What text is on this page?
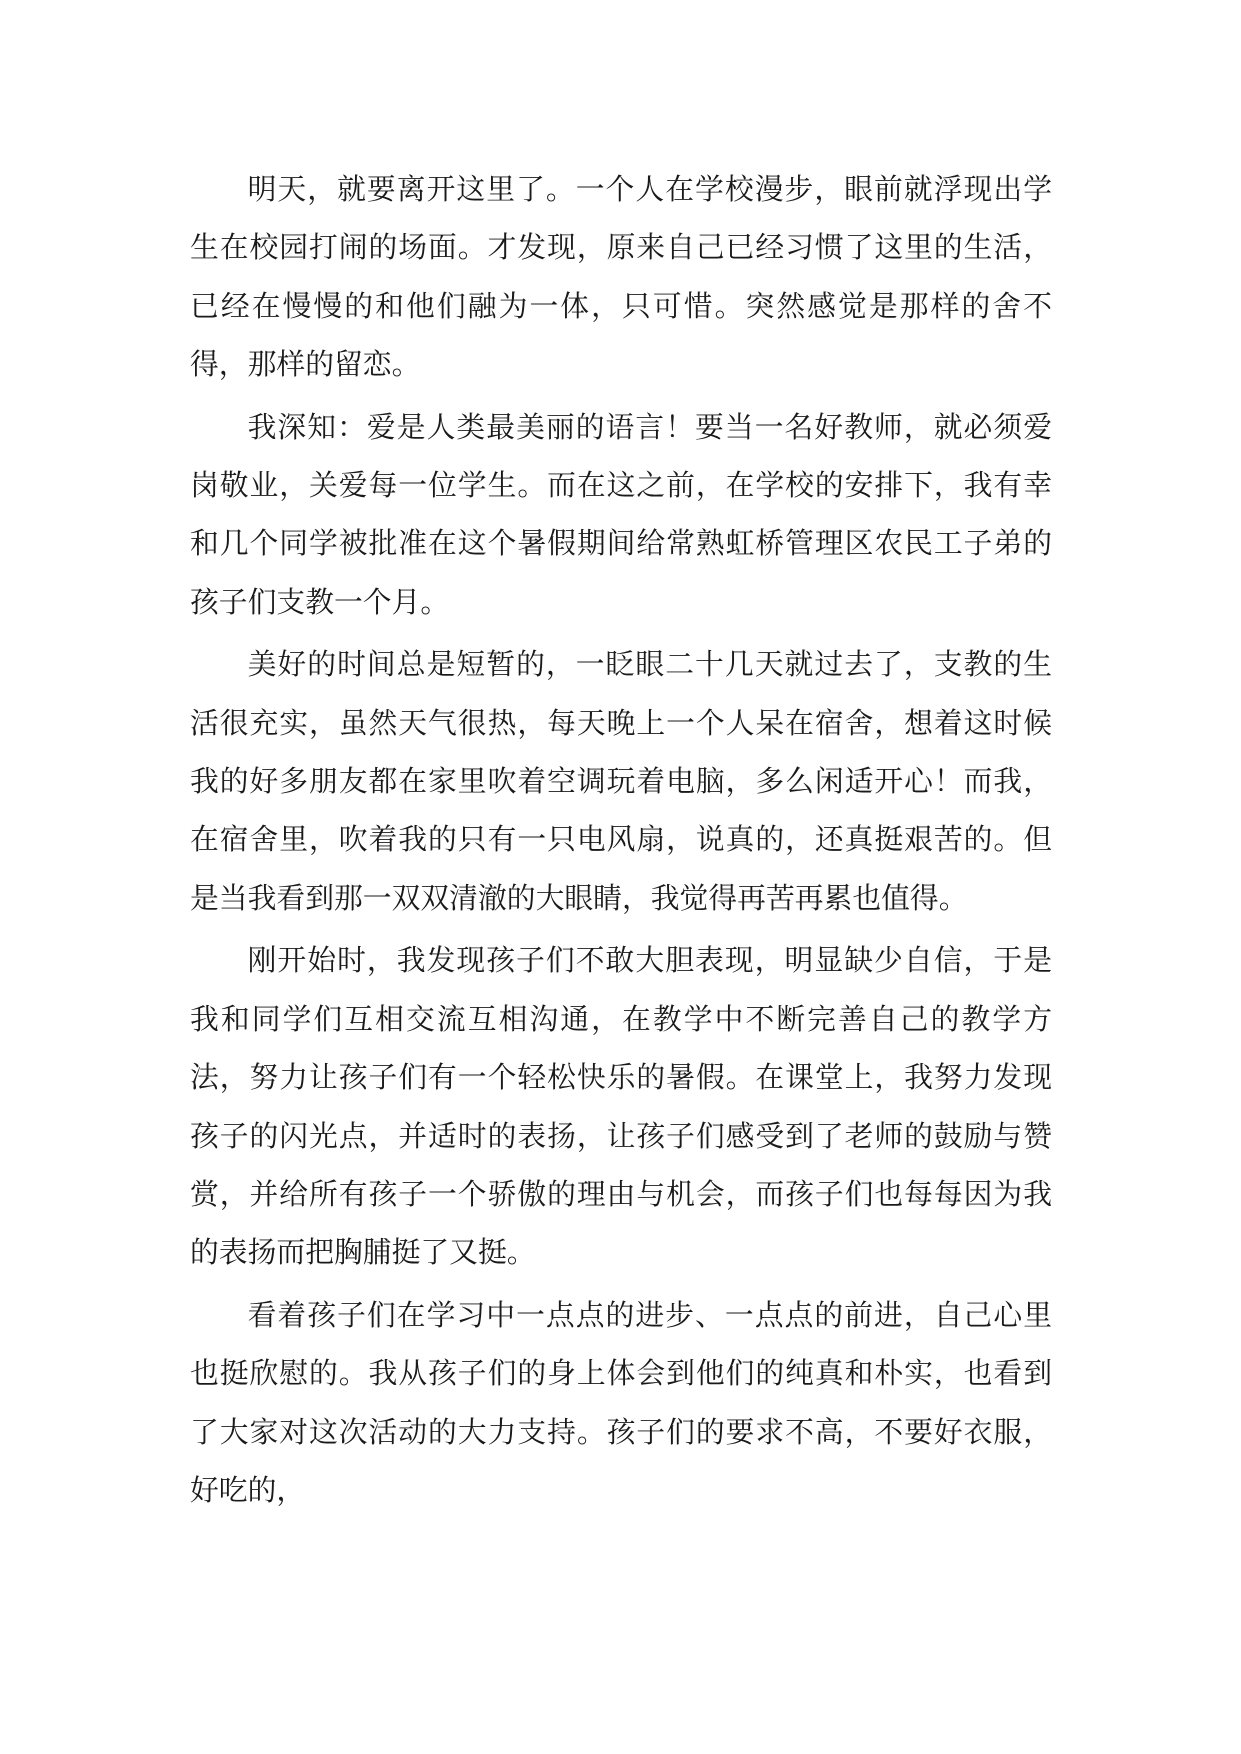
明天，就要离开这里了。一个人在学校漫步，眼前就浮现出学生在校园打闹的场面。才发现，原来自己已经习惯了这里的生活，已经在慢慢的和他们融为一体，只可惜。突然感觉是那样的舍不得，那样的留恋。

我深知：爱是人类最美丽的语言！要当一名好教师，就必须爱岗敬业，关爱每一位学生。而在这之前，在学校的安排下，我有幸和几个同学被批准在这个暑假期间给常熟虹桥管理区农民工子弟的孩子们支教一个月。

美好的时间总是短暂的，一眨眼二十几天就过去了，支教的生活很充实，虽然天气很热，每天晚上一个人呆在宿舍，想着这时候我的好多朋友都在家里吹着空调玩着电脑，多么闲适开心！而我，在宿舍里，吹着我的只有一只电风扇，说真的，还真挺艰苦的。但是当我看到那一双双清澈的大眼睛，我觉得再苦再累也值得。

刚开始时，我发现孩子们不敢大胆表现，明显缺少自信，于是我和同学们互相交流互相沟通，在教学中不断完善自己的教学方法，努力让孩子们有一个轻松快乐的暑假。在课堂上，我努力发现孩子的闪光点，并适时的表扬，让孩子们感受到了老师的鼓励与赞赏，并给所有孩子一个骄傲的理由与机会，而孩子们也每每因为我的表扬而把胸脯挺了又挺。

看着孩子们在学习中一点点的进步、一点点的前进，自己心里也挺欣慰的。我从孩子们的身上体会到他们的纯真和朴实，也看到了大家对这次活动的大力支持。孩子们的要求不高，不要好衣服，好吃的，
